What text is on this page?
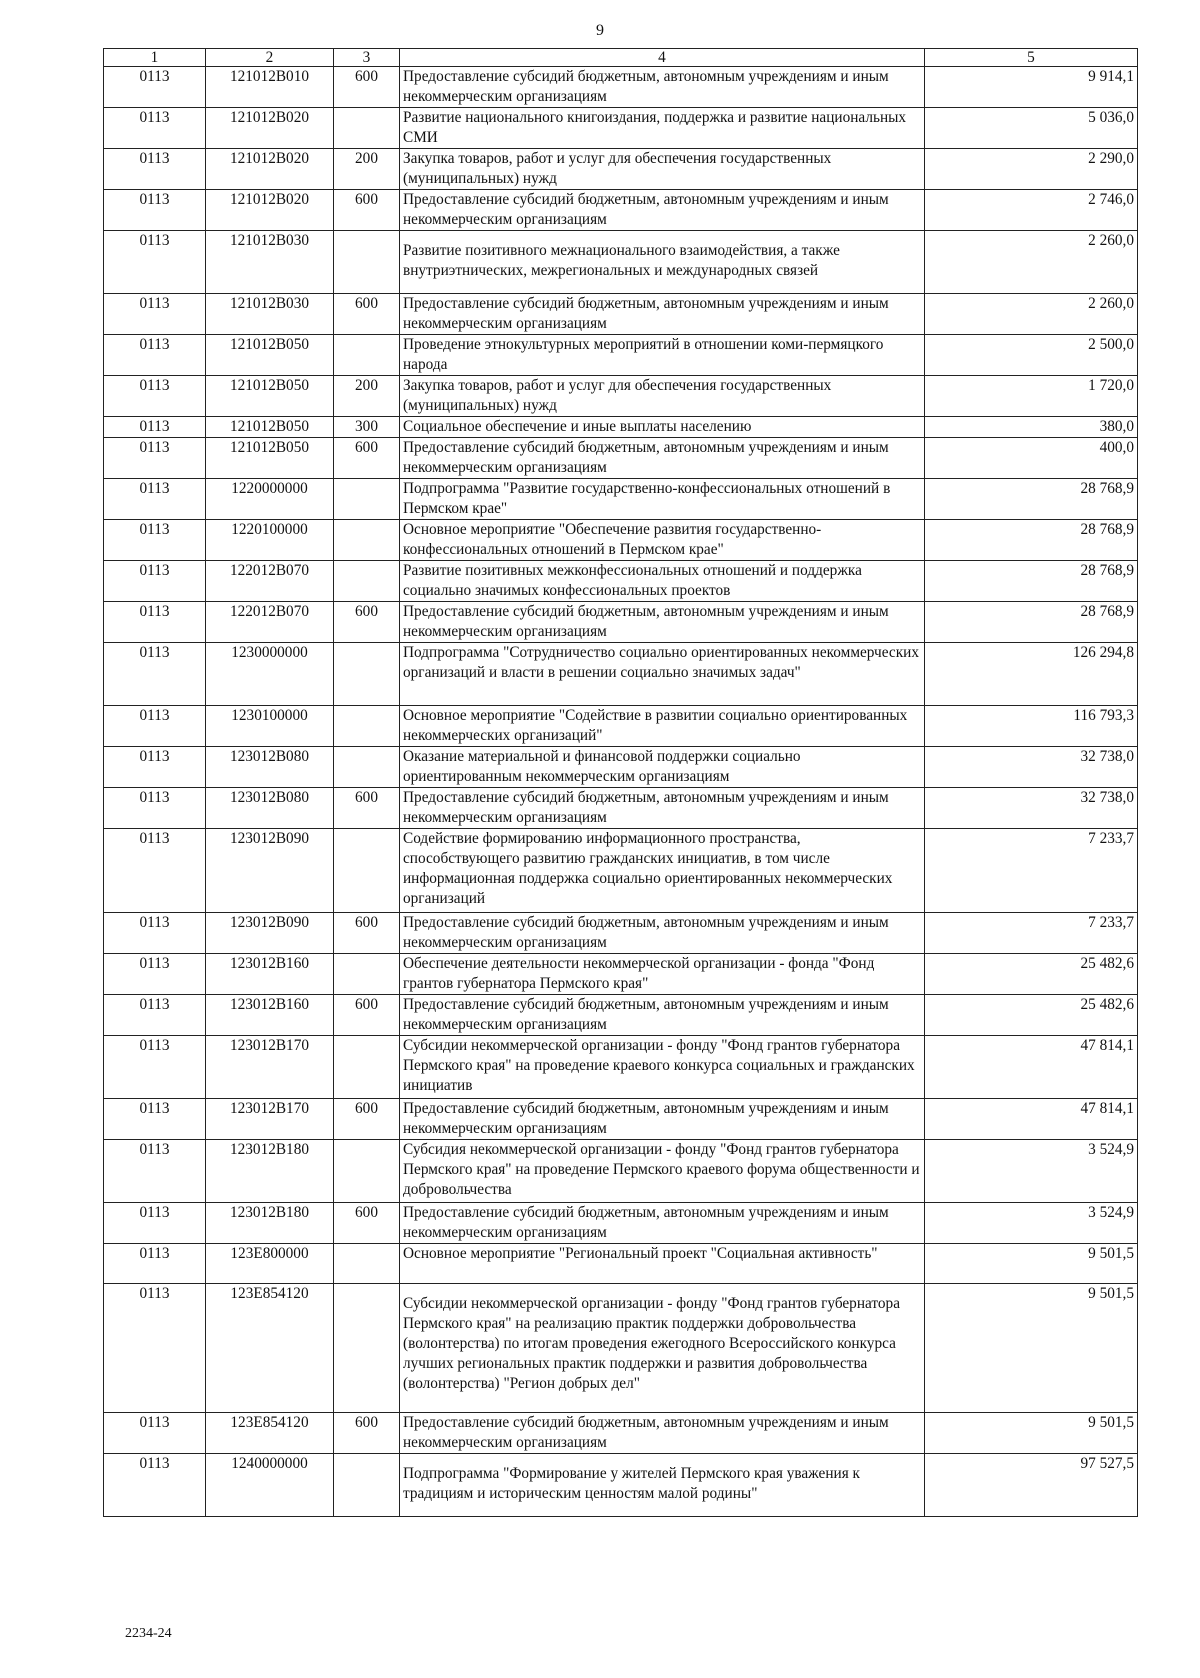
9
1	2	3	4	5
0113	121012B010	600	Предоставление субсидий бюджетным, автономным учреждениям и иным некоммерческим организациям	9 914,1
0113	121012B020		Развитие национального книгоиздания, поддержка и развитие национальных СМИ	5 036,0
0113	121012B020	200	Закупка товаров, работ и услуг для обеспечения государственных (муниципальных) нужд	2 290,0
0113	121012B020	600	Предоставление субсидий бюджетным, автономным учреждениям и иным некоммерческим организациям	2 746,0
0113	121012B030		Развитие позитивного межнационального взаимодействия, а также внутриэтнических, межрегиональных и международных связей	2 260,0
0113	121012B030	600	Предоставление субсидий бюджетным, автономным учреждениям и иным некоммерческим организациям	2 260,0
0113	121012B050		Проведение этнокультурных мероприятий в отношении коми-пермяцкого народа	2 500,0
0113	121012B050	200	Закупка товаров, работ и услуг для обеспечения государственных (муниципальных) нужд	1 720,0
0113	121012B050	300	Социальное обеспечение и иные выплаты населению	380,0
0113	121012B050	600	Предоставление субсидий бюджетным, автономным учреждениям и иным некоммерческим организациям	400,0
0113	1220000000		Подпрограмма "Развитие государственно-конфессиональных отношений в Пермском крае"	28 768,9
0113	1220100000		Основное мероприятие "Обеспечение развития государственно-конфессиональных отношений в Пермском крае"	28 768,9
0113	122012B070		Развитие позитивных межконфессиональных отношений и поддержка социально значимых конфессиональных проектов	28 768,9
0113	122012B070	600	Предоставление субсидий бюджетным, автономным учреждениям и иным некоммерческим организациям	28 768,9
0113	1230000000		Подпрограмма "Сотрудничество социально ориентированных некоммерческих организаций и власти в решении социально значимых задач"	126 294,8
0113	1230100000		Основное мероприятие "Содействие в развитии социально ориентированных некоммерческих организаций"	116 793,3
0113	123012B080		Оказание материальной и финансовой поддержки социально ориентированным некоммерческим организациям	32 738,0
0113	123012B080	600	Предоставление субсидий бюджетным, автономным учреждениям и иным некоммерческим организациям	32 738,0
0113	123012B090		Содействие формированию информационного пространства, способствующего развитию гражданских инициатив, в том числе информационная поддержка социально ориентированных некоммерческих организаций	7 233,7
0113	123012B090	600	Предоставление субсидий бюджетным, автономным учреждениям и иным некоммерческим организациям	7 233,7
0113	123012B160		Обеспечение деятельности некоммерческой организации - фонда "Фонд грантов губернатора Пермского края"	25 482,6
0113	123012B160	600	Предоставление субсидий бюджетным, автономным учреждениям и иным некоммерческим организациям	25 482,6
0113	123012B170		Субсидии некоммерческой организации - фонду "Фонд грантов губернатора Пермского края" на проведение краевого конкурса социальных и гражданских инициатив	47 814,1
0113	123012B170	600	Предоставление субсидий бюджетным, автономным учреждениям и иным некоммерческим организациям	47 814,1
0113	123012B180		Субсидия некоммерческой организации - фонду "Фонд грантов губернатора Пермского края" на проведение Пермского краевого форума общественности и добровольчества	3 524,9
0113	123012B180	600	Предоставление субсидий бюджетным, автономным учреждениям и иным некоммерческим организациям	3 524,9
0113	123E800000		Основное мероприятие "Региональный проект "Социальная активность"	9 501,5
0113	123E854120		Субсидии некоммерческой организации - фонду "Фонд грантов губернатора Пермского края" на реализацию практик поддержки добровольчества (волонтерства) по итогам проведения ежегодного Всероссийского конкурса лучших региональных практик поддержки и развития добровольчества (волонтерства) "Регион добрых дел"	9 501,5
0113	123E854120	600	Предоставление субсидий бюджетным, автономным учреждениям и иным некоммерческим организациям	9 501,5
0113	1240000000		Подпрограмма "Формирование у жителей Пермского края уважения к традициям и историческим ценностям малой родины"	97 527,5
2234-24
